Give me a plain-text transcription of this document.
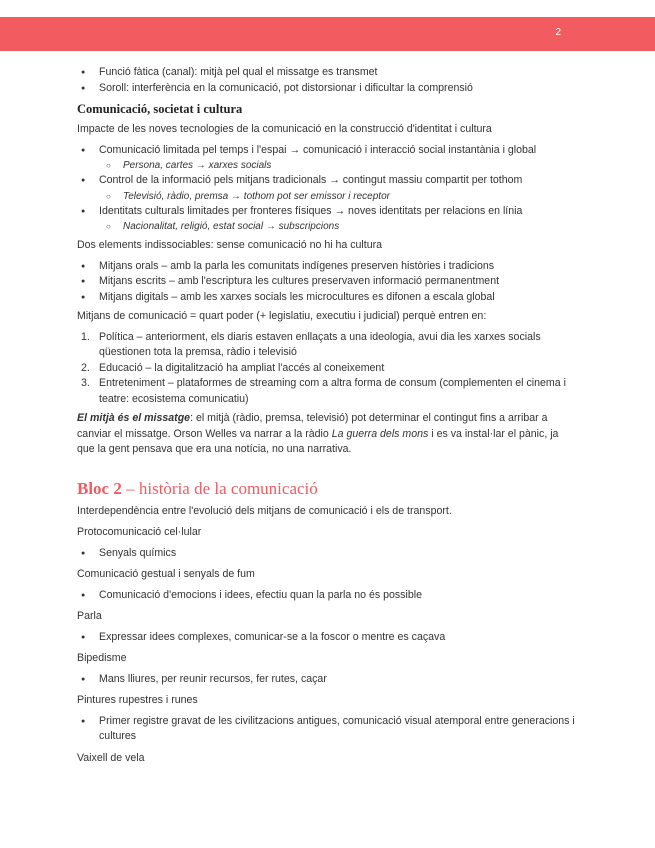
2
● Funció fàtica (canal): mitjà pel qual el missatge es transmet
● Soroll: interferència en la comunicació, pot distorsionar i dificultar la comprensió
Comunicació, societat i cultura

Impacte de les noves tecnologies de la comunicació en la construcció d'identitat i cultura

● Comunicació limitada pel temps i l'espai → comunicació i interacció social instantània i global
○ Persona, cartes → xarxes socials
● Control de la informació pels mitjans tradicionals → contingut massiu compartit per tothom
○ Televisió, ràdio, premsa → tothom pot ser emissor i receptor
● Identitats culturals limitades per fronteres físiques → noves identitats per relacions en línia
○ Nacionalitat, religió, estat social → subscripcions

Dos elements indissociables: sense comunicació no hi ha cultura

● Mitjans orals – amb la parla les comunitats indígenes preserven històries i tradicions
● Mitjans escrits – amb l'escriptura les cultures preservaven informació permanentment
● Mitjans digitals – amb les xarxes socials les microcultures es difonen a escala global

Mitjans de comunicació = quart poder (+ legislatiu, executiu i judicial) perquè entren en:

1. Política – anteriorment, els diaris estaven enllaçats a una ideologia, avui dia les xarxes socials qüestionen tota la premsa, ràdio i televisió
2. Educació – la digitalització ha ampliat l'accés al coneixement
3. Entreteniment – plataformes de streaming com a altra forma de consum (complementen el cinema i teatre: ecosistema comunicatiu)

El mitjà és el missatge: el mitjà (ràdio, premsa, televisió) pot determinar el contingut fins a arribar a canviar el missatge. Orson Welles va narrar a la ràdio La guerra dels mons i es va instal·lar el pànic, ja que la gent pensava que era una notícia, no una narrativa.

Bloc 2 – història de la comunicació

Interdependència entre l'evolució dels mitjans de comunicació i els de transport.

Protocomunicació cel·lular

● Senyals químics

Comunicació gestual i senyals de fum

● Comunicació d'emocions i idees, efectiu quan la parla no és possible

Parla

● Expressar idees complexes, comunicar-se a la foscor o mentre es caçava

Bipedisme

● Mans lliures, per reunir recursos, fer rutes, caçar

Pintures rupestres i runes

● Primer registre gravat de les civilitzacions antigues, comunicació visual atemporal entre generacions i cultures

Vaixell de vela
